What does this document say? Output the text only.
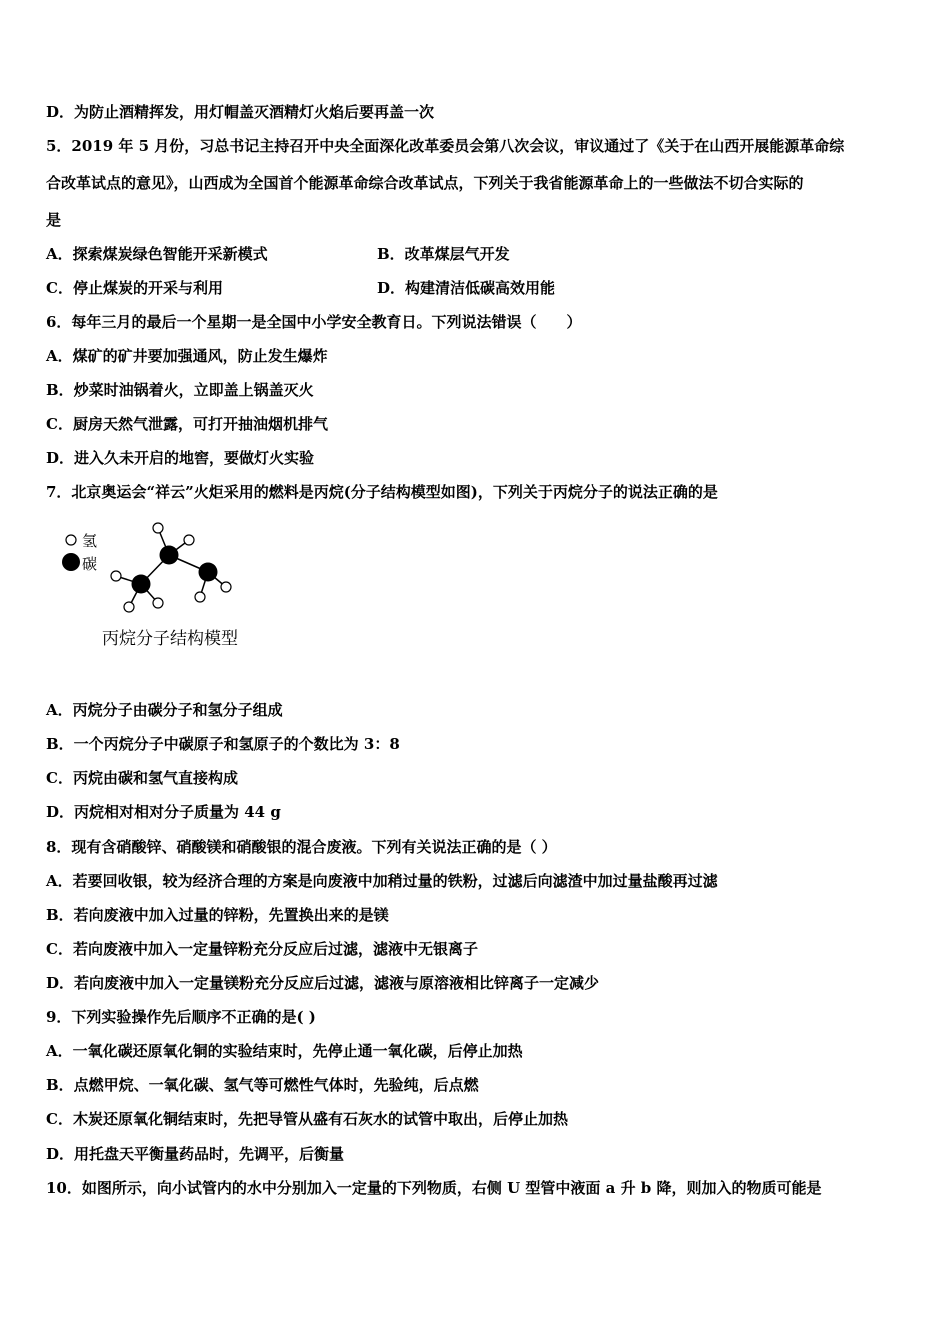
D．为防止酒精挥发，用灯帽盖灭酒精灯火焰后要再盖一次
5．2019 年 5 月份，习总书记主持召开中央全面深化改革委员会第八次会议，审议通过了《关于在山西开展能源革命综
合改革试点的意见》，山西成为全国首个能源革命综合改革试点，下列关于我省能源革命上的一些做法不切合实际的
是
A．探索煤炭绿色智能开采新模式	B．改革煤层气开发
C．停止煤炭的开采与利用	D．构建清洁低碳高效用能
6．每年三月的最后一个星期一是全国中小学安全教育日。下列说法错误（　　）
A．煤矿的矿井要加强通风，防止发生爆炸
B．炒菜时油锅着火，立即盖上锅盖灭火
C．厨房天然气泄露，可打开抽油烟机排气
D．进入久未开启的地窖，要做灯火实验
7．北京奥运会“祥云”火炬采用的燃料是丙烷(分子结构模型如图)，下列关于丙烷分子的说法正确的是
氢
碳
丙烷分子结构模型
A．丙烷分子由碳分子和氢分子组成
B．一个丙烷分子中碳原子和氢原子的个数比为 3：8
C．丙烷由碳和氢气直接构成
D．丙烷相对相对分子质量为 44 g
8．现有含硝酸锌、硝酸镁和硝酸银的混合废液。下列有关说法正确的是（ ）
A．若要回收银，较为经济合理的方案是向废液中加稍过量的铁粉，过滤后向滤渣中加过量盐酸再过滤
B．若向废液中加入过量的锌粉，先置换出来的是镁
C．若向废液中加入一定量锌粉充分反应后过滤，滤液中无银离子
D．若向废液中加入一定量镁粉充分反应后过滤，滤液与原溶液相比锌离子一定减少
9．下列实验操作先后顺序不正确的是( )
A．一氧化碳还原氧化铜的实验结束时，先停止通一氧化碳，后停止加热
B．点燃甲烷、一氧化碳、氢气等可燃性气体时，先验纯，后点燃
C．木炭还原氧化铜结束时，先把导管从盛有石灰水的试管中取出，后停止加热
D．用托盘天平衡量药品时，先调平，后衡量
10．如图所示，向小试管内的水中分别加入一定量的下列物质，右侧 U 型管中液面 a 升 b 降，则加入的物质可能是
